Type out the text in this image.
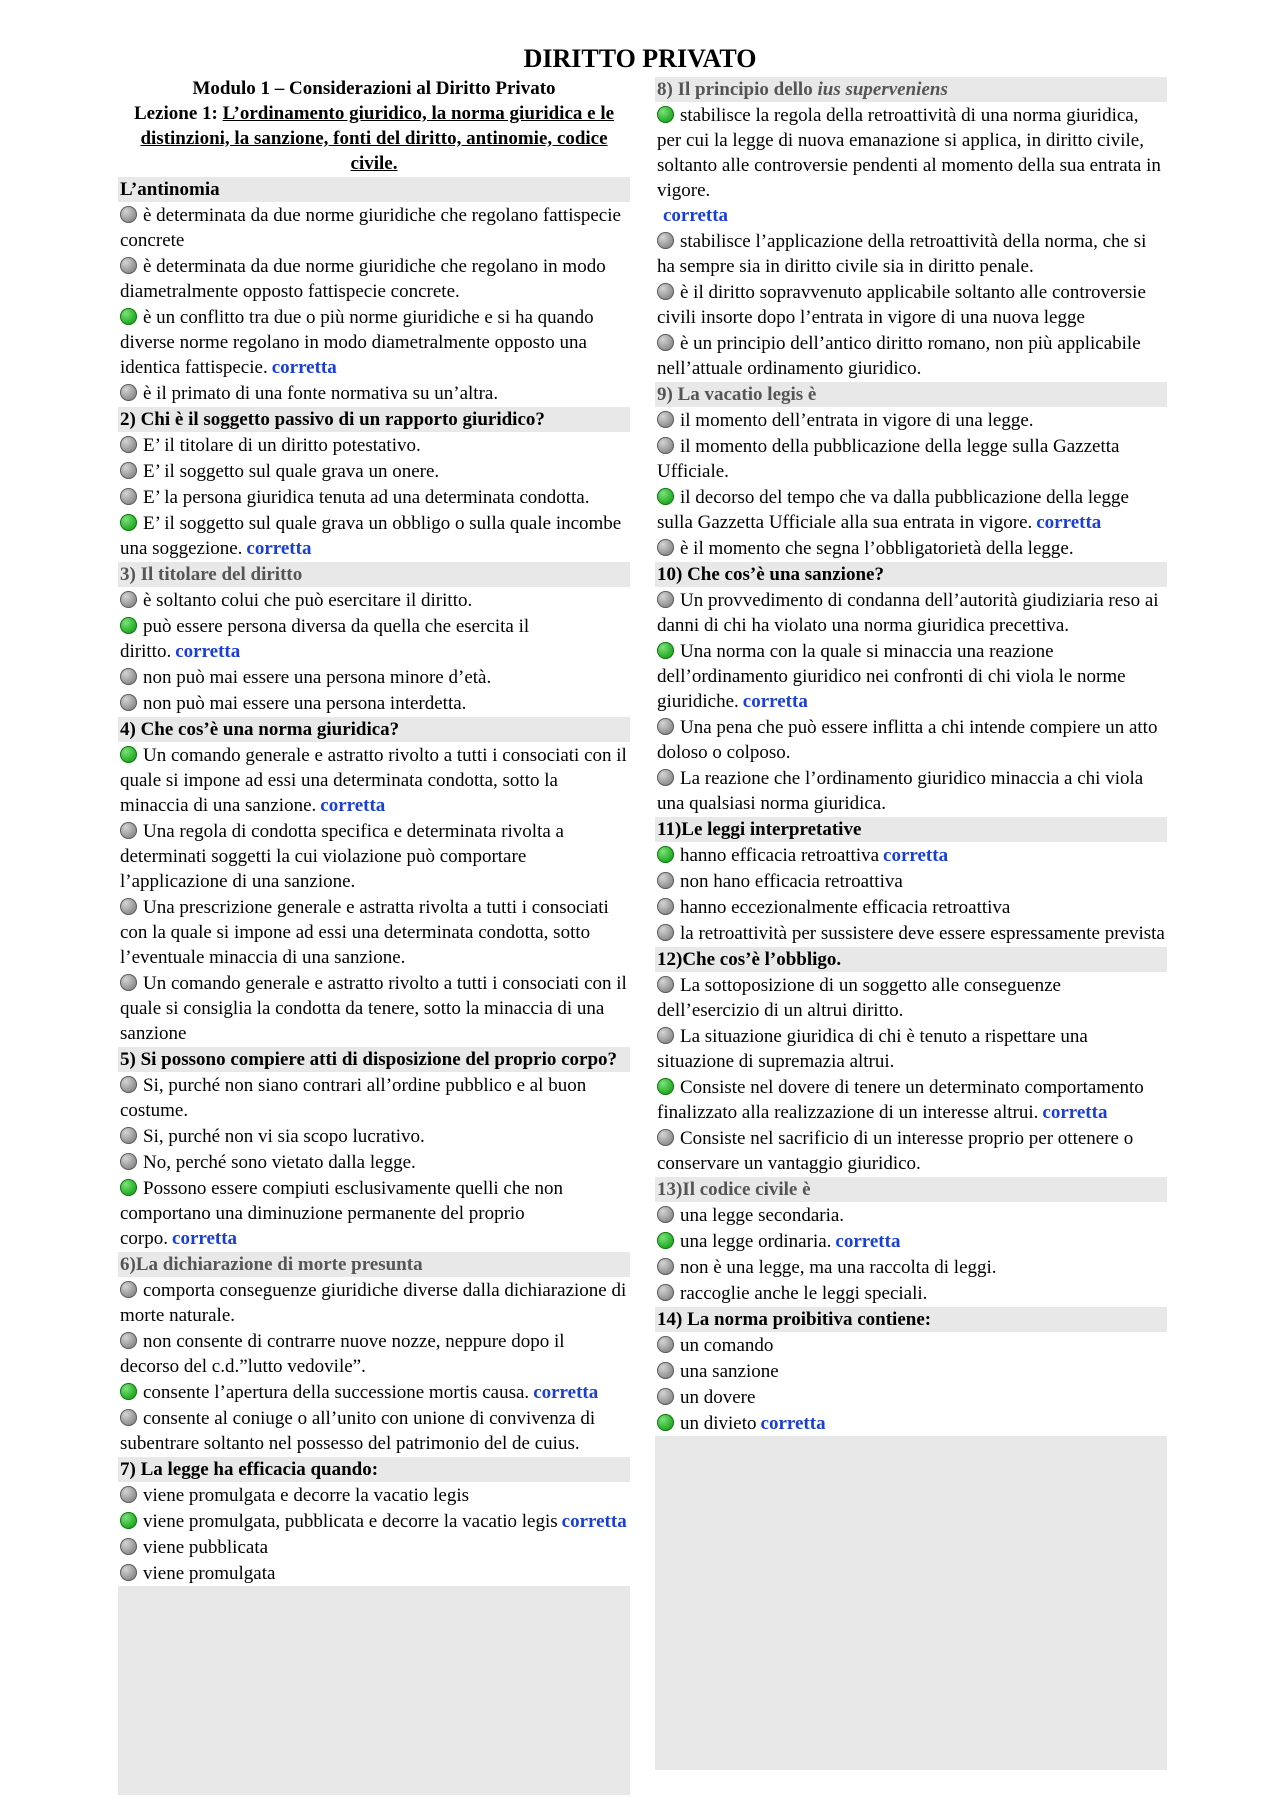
DIRITTO PRIVATO
Modulo 1 – Considerazioni al Diritto Privato
Lezione 1: L’ordinamento giuridico, la norma giuridica e le distinzioni, la sanzione, fonti del diritto, antinomie, codice civile.
L’antinomia
è determinata da due norme giuridiche che regolano fattispecie concrete
è determinata da due norme giuridiche che regolano in modo diametralmente opposto fattispecie concrete.
è un conflitto tra due o più norme giuridiche e si ha quando diverse norme regolano in modo diametralmente opposto una identica fattispecie. corretta
è il primato di una fonte normativa su un’altra.
2) Chi è il soggetto passivo di un rapporto giuridico?
E’ il titolare di un diritto potestativo.
E’ il soggetto sul quale grava un onere.
E’ la persona giuridica tenuta ad una determinata condotta.
E’ il soggetto sul quale grava un obbligo o sulla quale incombe una soggezione. corretta
3) Il titolare del diritto
è soltanto colui che può esercitare il diritto.
può essere persona diversa da quella che esercita il diritto. corretta
non può mai essere una persona minore d’età.
non può mai essere una persona interdetta.
4) Che cos’è una norma giuridica?
Un comando generale e astratto rivolto a tutti i consociati con il quale si impone ad essi una determinata condotta, sotto la minaccia di una sanzione. corretta
Una regola di condotta specifica e determinata rivolta a determinati soggetti la cui violazione può comportare l’applicazione di una sanzione.
Una prescrizione generale e astratta rivolta a tutti i consociati con la quale si impone ad essi una determinata condotta, sotto l’eventuale minaccia di una sanzione.
Un comando generale e astratto rivolto a tutti i consociati con il quale si consiglia la condotta da tenere, sotto la minaccia di una sanzione
5) Si possono compiere atti di disposizione del proprio corpo?
Si, purché non siano contrari all’ordine pubblico e al buon costume.
Si, purché non vi sia scopo lucrativo.
No, perché sono vietato dalla legge.
Possono essere compiuti esclusivamente quelli che non comportano una diminuzione permanente del proprio corpo. corretta
6)La dichiarazione di morte presunta
comporta conseguenze giuridiche diverse dalla dichiarazione di morte naturale.
non consente di contrarre nuove nozze, neppure dopo il decorso del c.d.”lutto vedovile”.
consente l’apertura della successione mortis causa. corretta
consente al coniuge o all’unito con unione di convivenza di subentrare soltanto nel possesso del patrimonio del de cuius.
7) La legge ha efficacia quando:
viene promulgata e decorre la vacatio legis
viene promulgata, pubblicata e decorre la vacatio legis corretta
viene pubblicata
viene promulgata
8) Il principio dello ius superveniens
stabilisce la regola della retroattività di una norma giuridica, per cui la legge di nuova emanazione si applica, in diritto civile, soltanto alle controversie pendenti al momento della sua entrata in vigore.
corretta
stabilisce l’applicazione della retroattività della norma, che si ha sempre sia in diritto civile sia in diritto penale.
è il diritto sopravvenuto applicabile soltanto alle controversie civili insorte dopo l’entrata in vigore di una nuova legge
è un principio dell’antico diritto romano, non più applicabile nell’attuale ordinamento giuridico.
9) La vacatio legis è
il momento dell’entrata in vigore di una legge.
il momento della pubblicazione della legge sulla Gazzetta Ufficiale.
il decorso del tempo che va dalla pubblicazione della legge sulla Gazzetta Ufficiale alla sua entrata in vigore. corretta
è il momento che segna l’obbligatorietà della legge.
10) Che cos’è una sanzione?
Un provvedimento di condanna dell’autorità giudiziaria reso ai danni di chi ha violato una norma giuridica precettiva.
Una norma con la quale si minaccia una reazione dell’ordinamento giuridico nei confronti di chi viola le norme giuridiche. corretta
Una pena che può essere inflitta a chi intende compiere un atto doloso o colposo.
La reazione che l’ordinamento giuridico minaccia a chi viola una qualsiasi norma giuridica.
11)Le leggi interpretative
hanno efficacia retroattiva corretta
non hano efficacia retroattiva
hanno eccezionalmente efficacia retroattiva
la retroattività per sussistere deve essere espressamente prevista
12)Che cos’è l’obbligo.
La sottoposizione di un soggetto alle conseguenze dell’esercizio di un altrui diritto.
La situazione giuridica di chi è tenuto a rispettare una situazione di supremazia altrui.
Consiste nel dovere di tenere un determinato comportamento finalizzato alla realizzazione di un interesse altrui. corretta
Consiste nel sacrificio di un interesse proprio per ottenere o conservare un vantaggio giuridico.
13)Il codice civile è
una legge secondaria.
una legge ordinaria. corretta
non è una legge, ma una raccolta di leggi.
raccoglie anche le leggi speciali.
14) La norma proibitiva contiene:
un comando
una sanzione
un dovere
un divieto corretta
